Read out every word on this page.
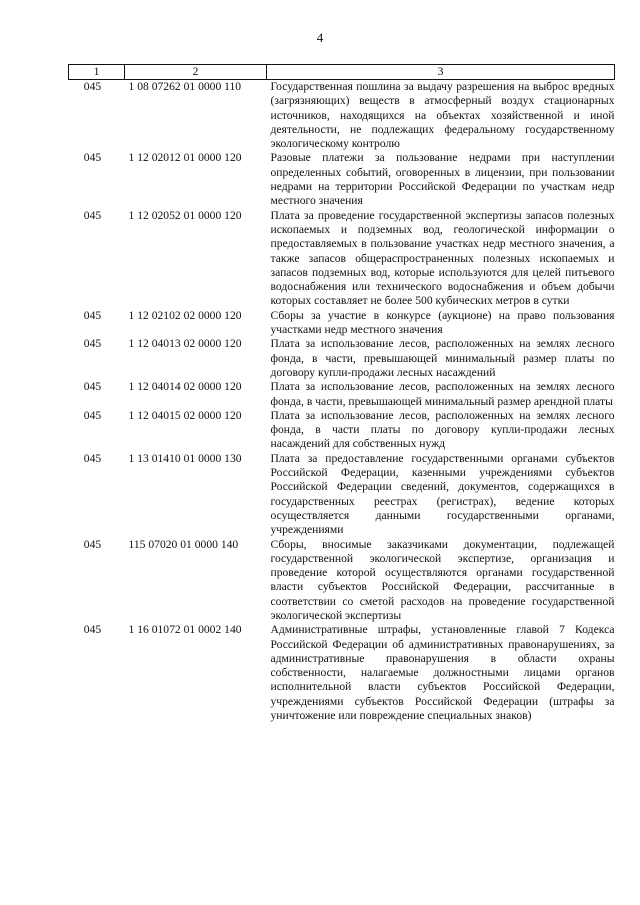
4
1	2	3
045	1 08 07262 01 0000 110	Государственная пошлина за выдачу разрешения на выброс вредных (загрязняющих) веществ в атмосферный воздух стационарных источников, находящихся на объектах хозяйственной и иной деятельности, не подлежащих федеральному государственному экологическому контролю
045	1 12 02012 01 0000 120	Разовые платежи за пользование недрами при наступлении определенных событий, оговоренных в лицензии, при пользовании недрами на территории Российской Федерации по участкам недр местного значения
045	1 12 02052 01 0000 120	Плата за проведение государственной экспертизы запасов полезных ископаемых и подземных вод, геологической информации о предоставляемых в пользование участках недр местного значения, а также запасов общераспространенных полезных ископаемых и запасов подземных вод, которые используются для целей питьевого водоснабжения или технического водоснабжения и объем добычи которых составляет не более 500 кубических метров в сутки
045	1 12 02102 02 0000 120	Сборы за участие в конкурсе (аукционе) на право пользования участками недр местного значения
045	1 12 04013 02 0000 120	Плата за использование лесов, расположенных на землях лесного фонда, в части, превышающей минимальный размер платы по договору купли-продажи лесных насаждений
045	1 12 04014 02 0000 120	Плата за использование лесов, расположенных на землях лесного фонда, в части, превышающей минимальный размер арендной платы
045	1 12 04015 02 0000 120	Плата за использование лесов, расположенных на землях лесного фонда, в части платы по договору купли-продажи лесных насаждений для собственных нужд
045	1 13 01410 01 0000 130	Плата за предоставление государственными органами субъектов Российской Федерации, казенными учреждениями субъектов Российской Федерации сведений, документов, содержащихся в государственных реестрах (регистрах), ведение которых осуществляется данными государственными органами, учреждениями
045	115 07020 01 0000 140	Сборы, вносимые заказчиками документации, подлежащей государственной экологической экспертизе, организация и проведение которой осуществляются органами государственной власти субъектов Российской Федерации, рассчитанные в соответствии со сметой расходов на проведение государственной экологической экспертизы
045	1 16 01072 01 0002 140	Административные штрафы, установленные главой 7 Кодекса Российской Федерации об административных правонарушениях, за административные правонарушения в области охраны собственности, налагаемые должностными лицами органов исполнительной власти субъектов Российской Федерации, учреждениями субъектов Российской Федерации (штрафы за уничтожение или повреждение специальных знаков)
